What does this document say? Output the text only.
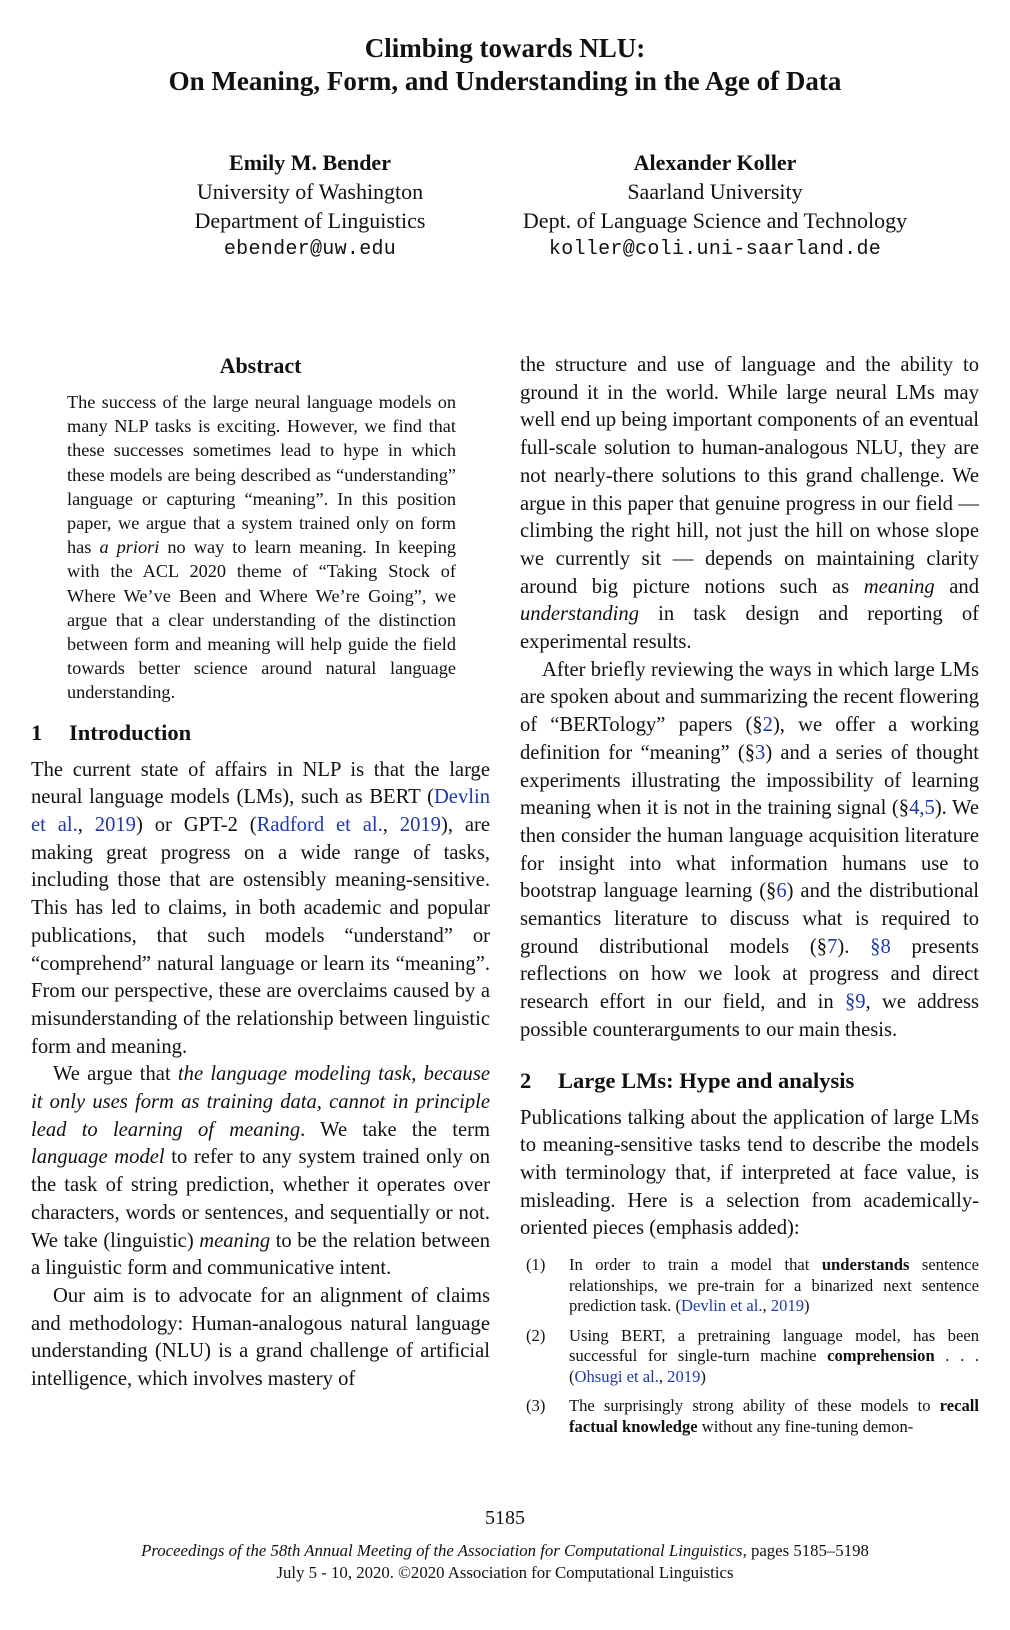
Climbing towards NLU:
On Meaning, Form, and Understanding in the Age of Data
Emily M. Bender
University of Washington
Department of Linguistics
ebender@uw.edu
Alexander Koller
Saarland University
Dept. of Language Science and Technology
koller@coli.uni-saarland.de
Abstract

The success of the large neural language models on many NLP tasks is exciting. However, we find that these successes sometimes lead to hype in which these models are being described as “understanding” language or capturing “meaning”. In this position paper, we argue that a system trained only on form has a priori no way to learn meaning. In keeping with the ACL 2020 theme of “Taking Stock of Where We’ve Been and Where We’re Going”, we argue that a clear understanding of the distinction between form and meaning will help guide the field towards better science around natural language understanding.

1 Introduction

The current state of affairs in NLP is that the large neural language models (LMs), such as BERT (Devlin et al., 2019) or GPT-2 (Radford et al., 2019), are making great progress on a wide range of tasks, including those that are ostensibly meaning-sensitive. This has led to claims, in both academic and popular publications, that such models “understand” or “comprehend” natural language or learn its “meaning”. From our perspective, these are overclaims caused by a misunderstanding of the relationship between linguistic form and meaning.

We argue that the language modeling task, because it only uses form as training data, cannot in principle lead to learning of meaning. We take the term language model to refer to any system trained only on the task of string prediction, whether it operates over characters, words or sentences, and sequentially or not. We take (linguistic) meaning to be the relation between a linguistic form and communicative intent.

Our aim is to advocate for an alignment of claims and methodology: Human-analogous natural language understanding (NLU) is a grand challenge of artificial intelligence, which involves mastery of

the structure and use of language and the ability to ground it in the world. While large neural LMs may well end up being important components of an eventual full-scale solution to human-analogous NLU, they are not nearly-there solutions to this grand challenge. We argue in this paper that genuine progress in our field — climbing the right hill, not just the hill on whose slope we currently sit — depends on maintaining clarity around big picture notions such as meaning and understanding in task design and reporting of experimental results.

After briefly reviewing the ways in which large LMs are spoken about and summarizing the recent flowering of “BERTology” papers (§2), we offer a working definition for “meaning” (§3) and a series of thought experiments illustrating the impossibility of learning meaning when it is not in the training signal (§4,5). We then consider the human language acquisition literature for insight into what information humans use to bootstrap language learning (§6) and the distributional semantics literature to discuss what is required to ground distributional models (§7). §8 presents reflections on how we look at progress and direct research effort in our field, and in §9, we address possible counterarguments to our main thesis.

2 Large LMs: Hype and analysis

Publications talking about the application of large LMs to meaning-sensitive tasks tend to describe the models with terminology that, if interpreted at face value, is misleading. Here is a selection from academically-oriented pieces (emphasis added):

(1)	In order to train a model that understands sentence relationships, we pre-train for a binarized next sentence prediction task. (Devlin et al., 2019)
(2)	Using BERT, a pretraining language model, has been successful for single-turn machine comprehension . . . (Ohsugi et al., 2019)
(3)	The surprisingly strong ability of these models to recall factual knowledge without any fine-tuning demon-
5185
Proceedings of the 58th Annual Meeting of the Association for Computational Linguistics, pages 5185–5198
July 5 - 10, 2020. ©2020 Association for Computational Linguistics
